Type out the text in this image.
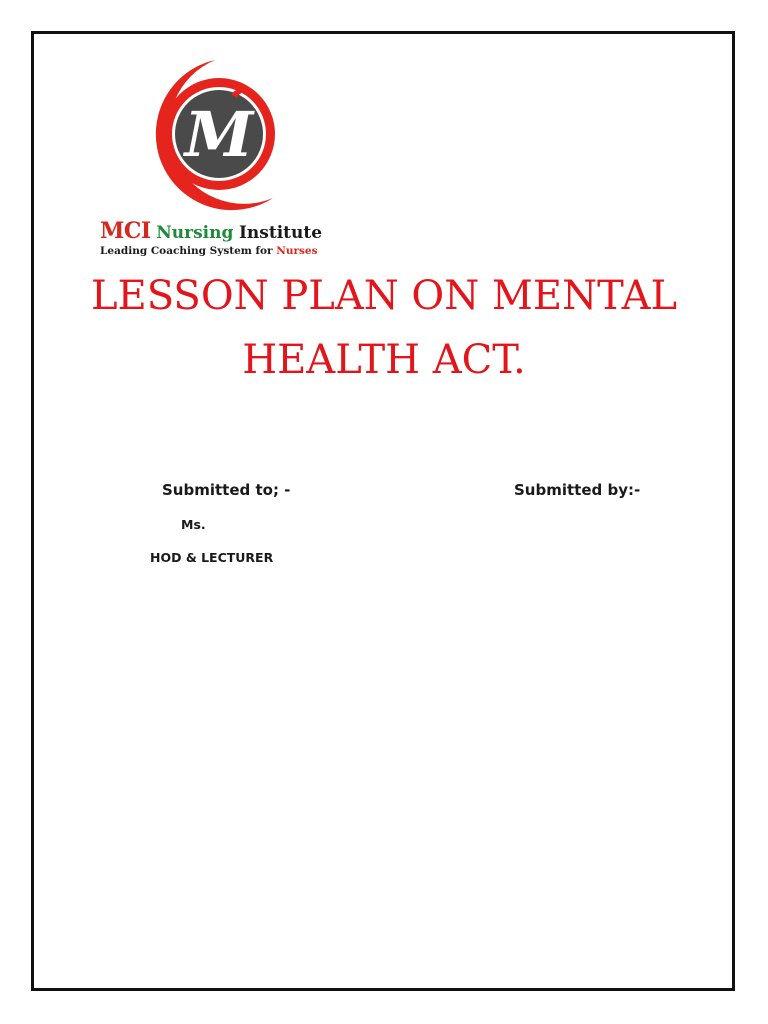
M
MCI Nursing Institute
Leading Coaching System for Nurses
LESSON PLAN ON MENTAL
HEALTH ACT.
Submitted to; -	Submitted by:-
Ms.
HOD & LECTURER
